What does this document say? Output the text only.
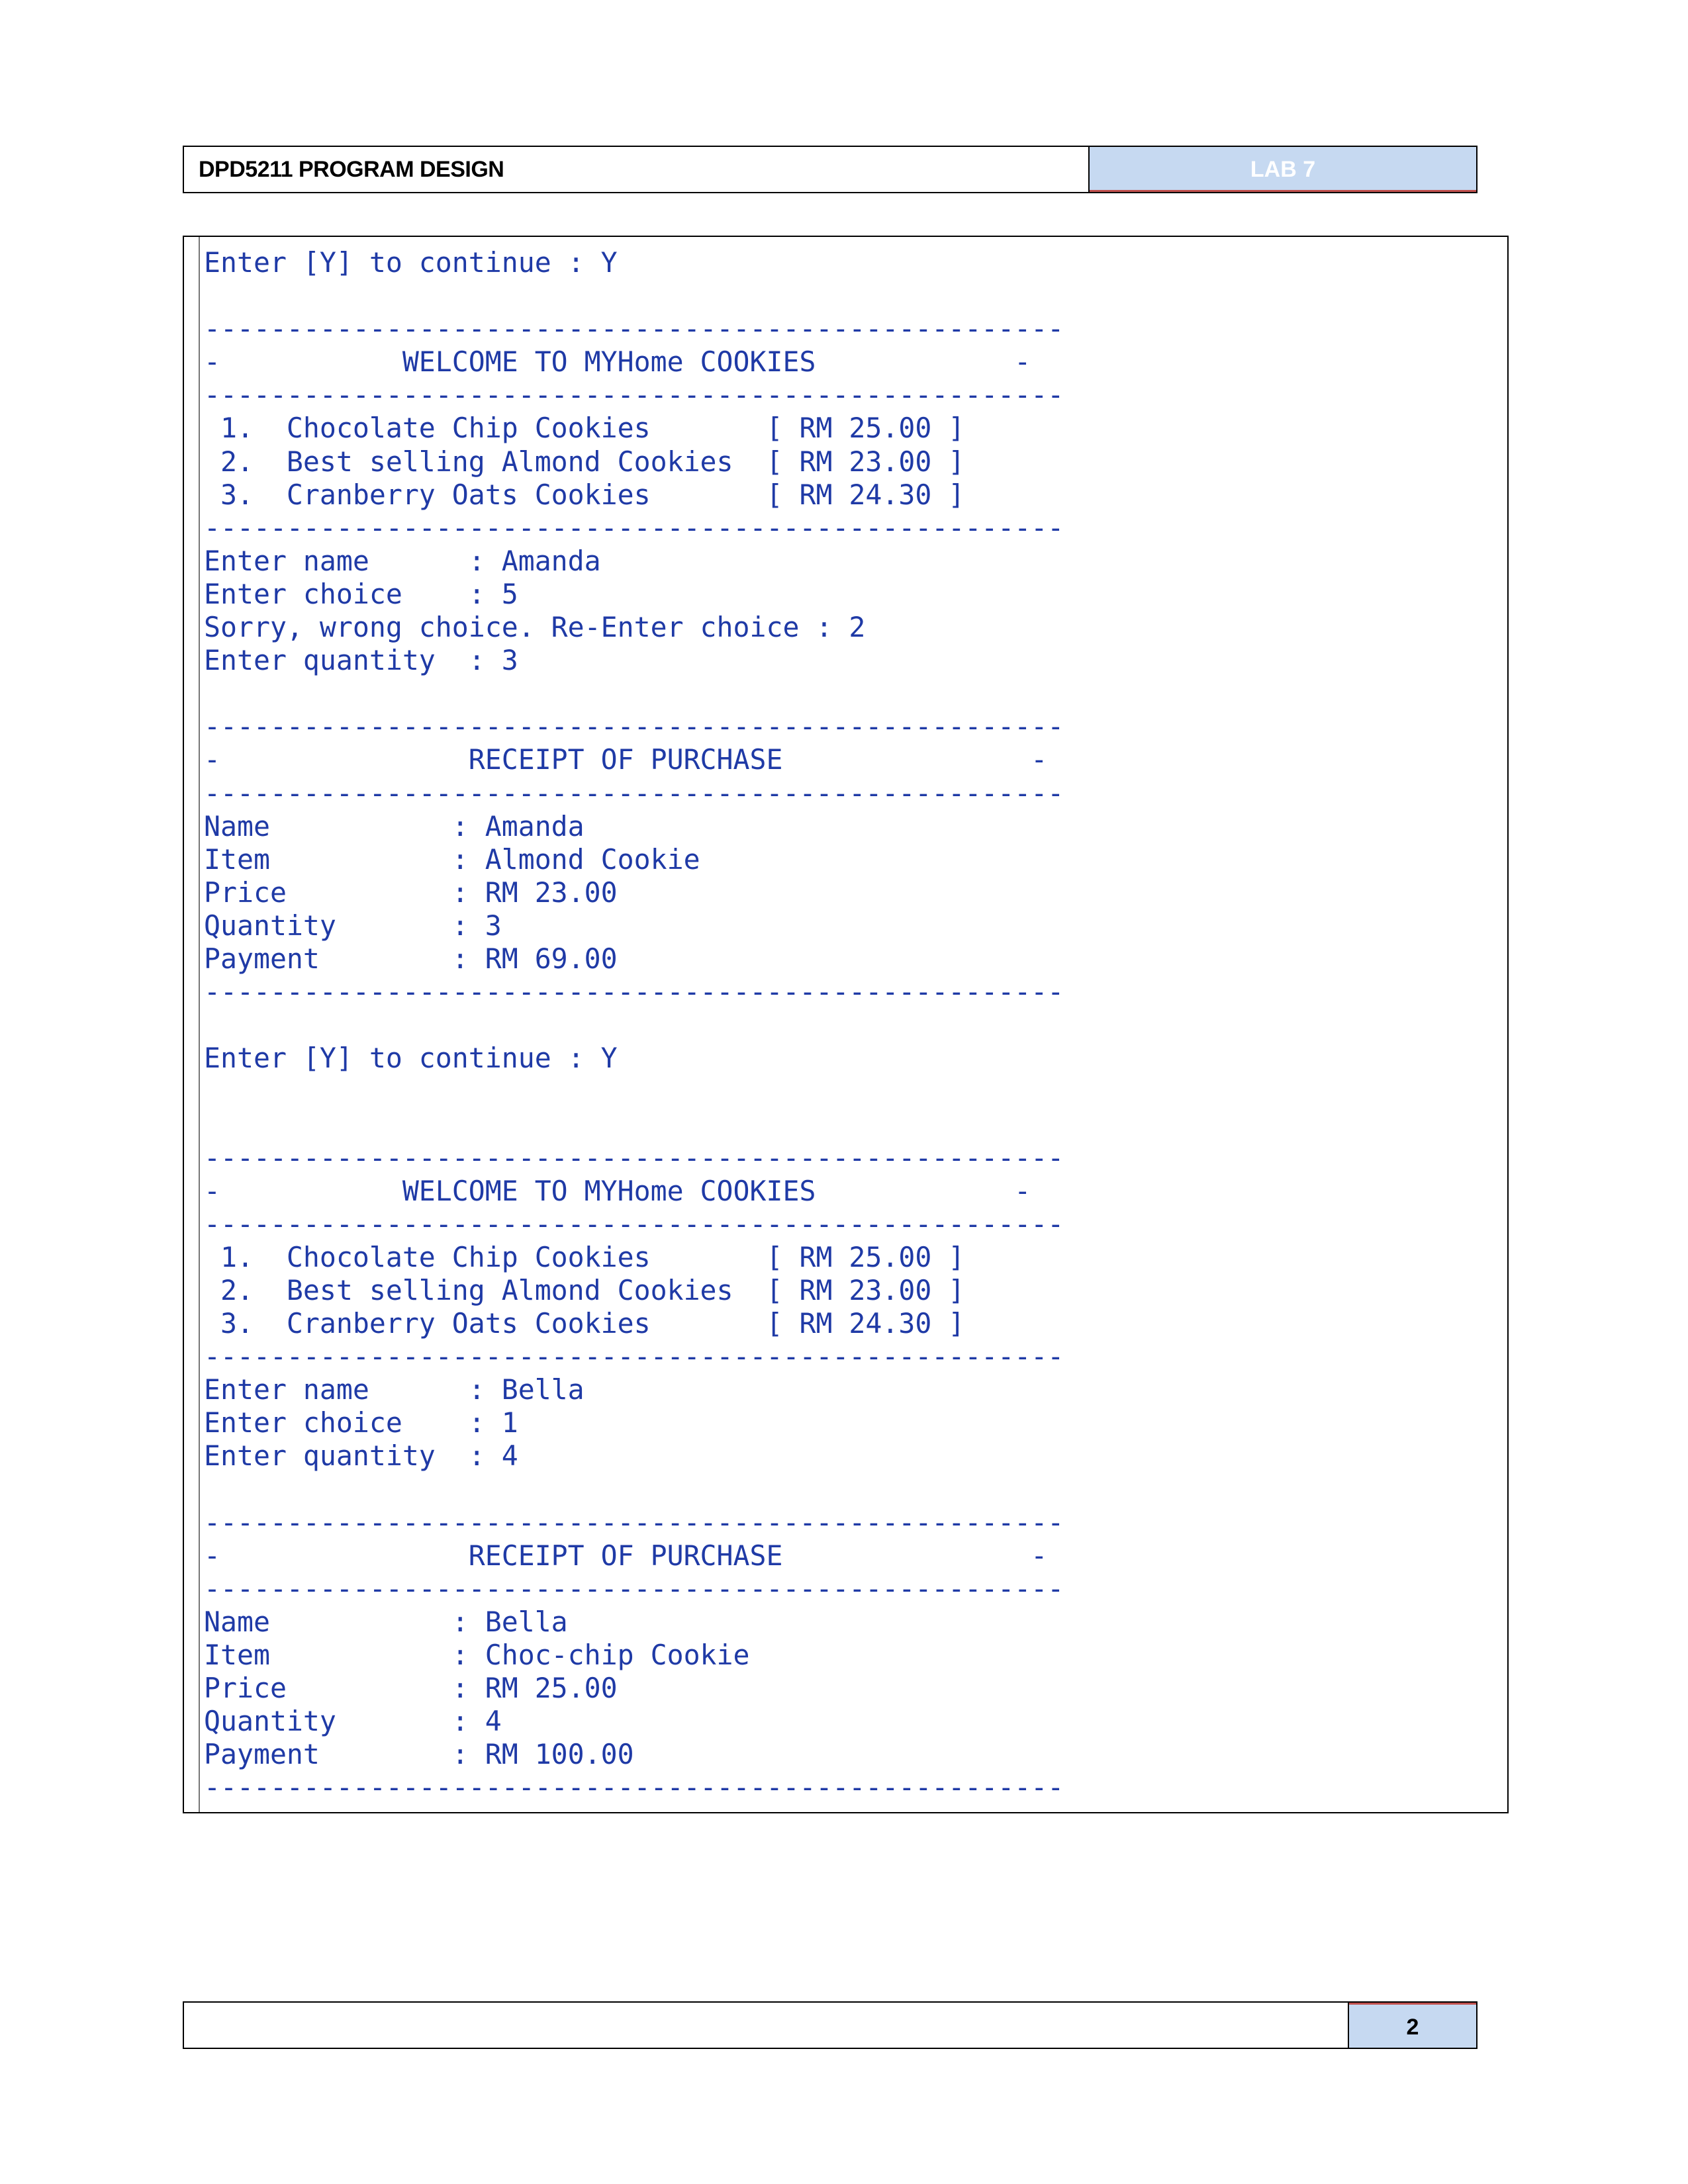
DPD5211 PROGRAM DESIGN	LAB 7
Enter [Y] to continue : Y

----------------------------------------------------
-           WELCOME TO MYHome COOKIES            -
----------------------------------------------------
1.  Chocolate Chip Cookies       [ RM 25.00 ]
2.  Best selling Almond Cookies  [ RM 23.00 ]
3.  Cranberry Oats Cookies       [ RM 24.30 ]
----------------------------------------------------
Enter name      : Amanda
Enter choice    : 5
Sorry, wrong choice. Re-Enter choice : 2
Enter quantity  : 3

----------------------------------------------------
-               RECEIPT OF PURCHASE               -
----------------------------------------------------
Name           : Amanda
Item           : Almond Cookie
Price          : RM 23.00
Quantity       : 3
Payment        : RM 69.00
----------------------------------------------------

Enter [Y] to continue : Y

----------------------------------------------------
-           WELCOME TO MYHome COOKIES            -
----------------------------------------------------
1.  Chocolate Chip Cookies       [ RM 25.00 ]
2.  Best selling Almond Cookies  [ RM 23.00 ]
3.  Cranberry Oats Cookies       [ RM 24.30 ]
----------------------------------------------------
Enter name      : Bella
Enter choice    : 1
Enter quantity  : 4

----------------------------------------------------
-               RECEIPT OF PURCHASE               -
----------------------------------------------------
Name           : Bella
Item           : Choc-chip Cookie
Price          : RM 25.00
Quantity       : 4
Payment        : RM 100.00
----------------------------------------------------
2
